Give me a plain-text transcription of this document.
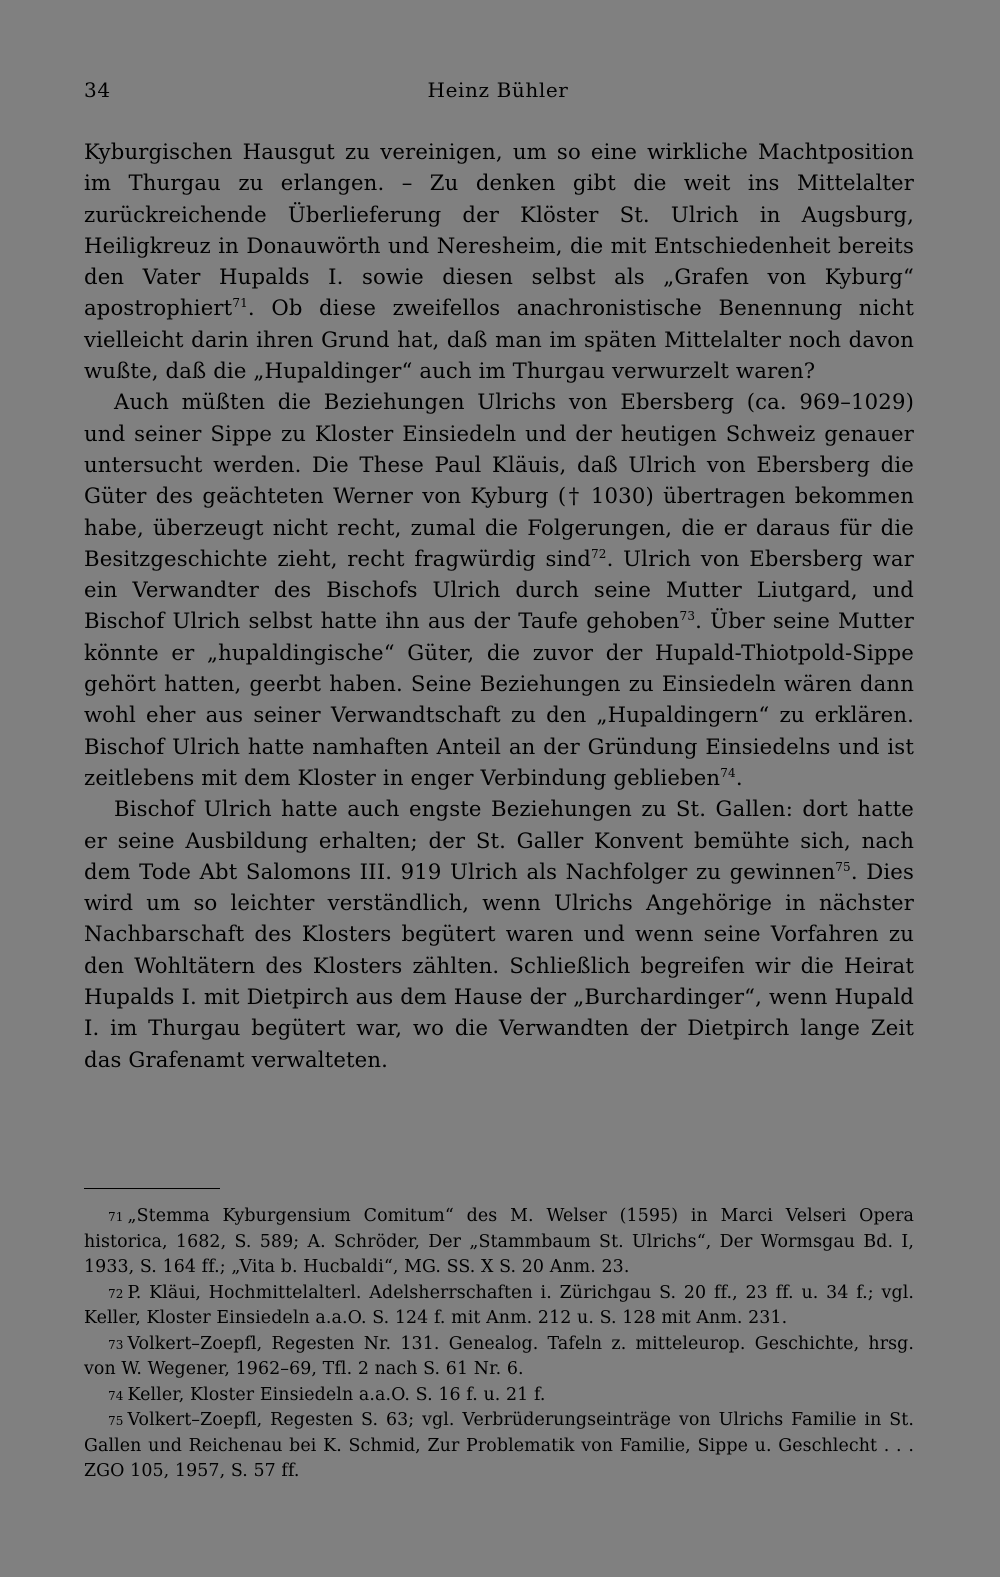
34	Heinz Bühler

Kyburgischen Hausgut zu vereinigen, um so eine wirkliche Machtposition im Thurgau zu erlangen. – Zu denken gibt die weit ins Mittelalter zurückreichende Überlieferung der Klöster St. Ulrich in Augsburg, Heiligkreuz in Donauwörth und Neresheim, die mit Entschiedenheit bereits den Vater Hupalds I. sowie diesen selbst als „Grafen von Kyburg“ apostrophiert$^{71}$. Ob diese zweifellos anachronistische Benennung nicht vielleicht darin ihren Grund hat, daß man im späten Mittelalter noch davon wußte, daß die „Hupaldinger“ auch im Thurgau verwurzelt waren?

Auch müßten die Beziehungen Ulrichs von Ebersberg (ca. 969–1029) und seiner Sippe zu Kloster Einsiedeln und der heutigen Schweiz genauer untersucht werden. Die These Paul Kläuis, daß Ulrich von Ebersberg die Güter des geächteten Werner von Kyburg († 1030) übertragen bekommen habe, überzeugt nicht recht, zumal die Folgerungen, die er daraus für die Besitzgeschichte zieht, recht fragwürdig sind$^{72}$. Ulrich von Ebersberg war ein Verwandter des Bischofs Ulrich durch seine Mutter Liutgard, und Bischof Ulrich selbst hatte ihn aus der Taufe gehoben$^{73}$. Über seine Mutter könnte er „hupaldingische“ Güter, die zuvor der Hupald-Thiotpold-Sippe gehört hatten, geerbt haben. Seine Beziehungen zu Einsiedeln wären dann wohl eher aus seiner Verwandtschaft zu den „Hupaldingern“ zu erklären. Bischof Ulrich hatte namhaften Anteil an der Gründung Einsiedelns und ist zeitlebens mit dem Kloster in enger Verbindung geblieben$^{74}$.

Bischof Ulrich hatte auch engste Beziehungen zu St. Gallen: dort hatte er seine Ausbildung erhalten; der St. Galler Konvent bemühte sich, nach dem Tode Abt Salomons III. 919 Ulrich als Nachfolger zu gewinnen$^{75}$. Dies wird um so leichter verständlich, wenn Ulrichs Angehörige in nächster Nachbarschaft des Klosters begütert waren und wenn seine Vorfahren zu den Wohltätern des Klosters zählten. Schließlich begreifen wir die Heirat Hupalds I. mit Dietpirch aus dem Hause der „Burchardinger“, wenn Hupald I. im Thurgau begütert war, wo die Verwandten der Dietpirch lange Zeit das Grafenamt verwalteten.

$^{71}$ „Stemma Kyburgensium Comitum“ des M. Welser (1595) in Marci Velseri Opera historica, 1682, S. 589; A. Schröder, Der „Stammbaum St. Ulrichs“, Der Wormsgau Bd. I, 1933, S. 164 ff.; „Vita b. Hucbaldi“, MG. SS. X S. 20 Anm. 23.

$^{72}$ P. Kläui, Hochmittelalterl. Adelsherrschaften i. Zürichgau S. 20 ff., 23 ff. u. 34 f.; vgl. Keller, Kloster Einsiedeln a.a.O. S. 124 f. mit Anm. 212 u. S. 128 mit Anm. 231.

$^{73}$ Volkert–Zoepfl, Regesten Nr. 131. Genealog. Tafeln z. mitteleurop. Geschichte, hrsg. von W. Wegener, 1962–69, Tfl. 2 nach S. 61 Nr. 6.

$^{74}$ Keller, Kloster Einsiedeln a.a.O. S. 16 f. u. 21 f.

$^{75}$ Volkert–Zoepfl, Regesten S. 63; vgl. Verbrüderungseinträge von Ulrichs Familie in St. Gallen und Reichenau bei K. Schmid, Zur Problematik von Familie, Sippe u. Geschlecht . . . ZGO 105, 1957, S. 57 ff.
